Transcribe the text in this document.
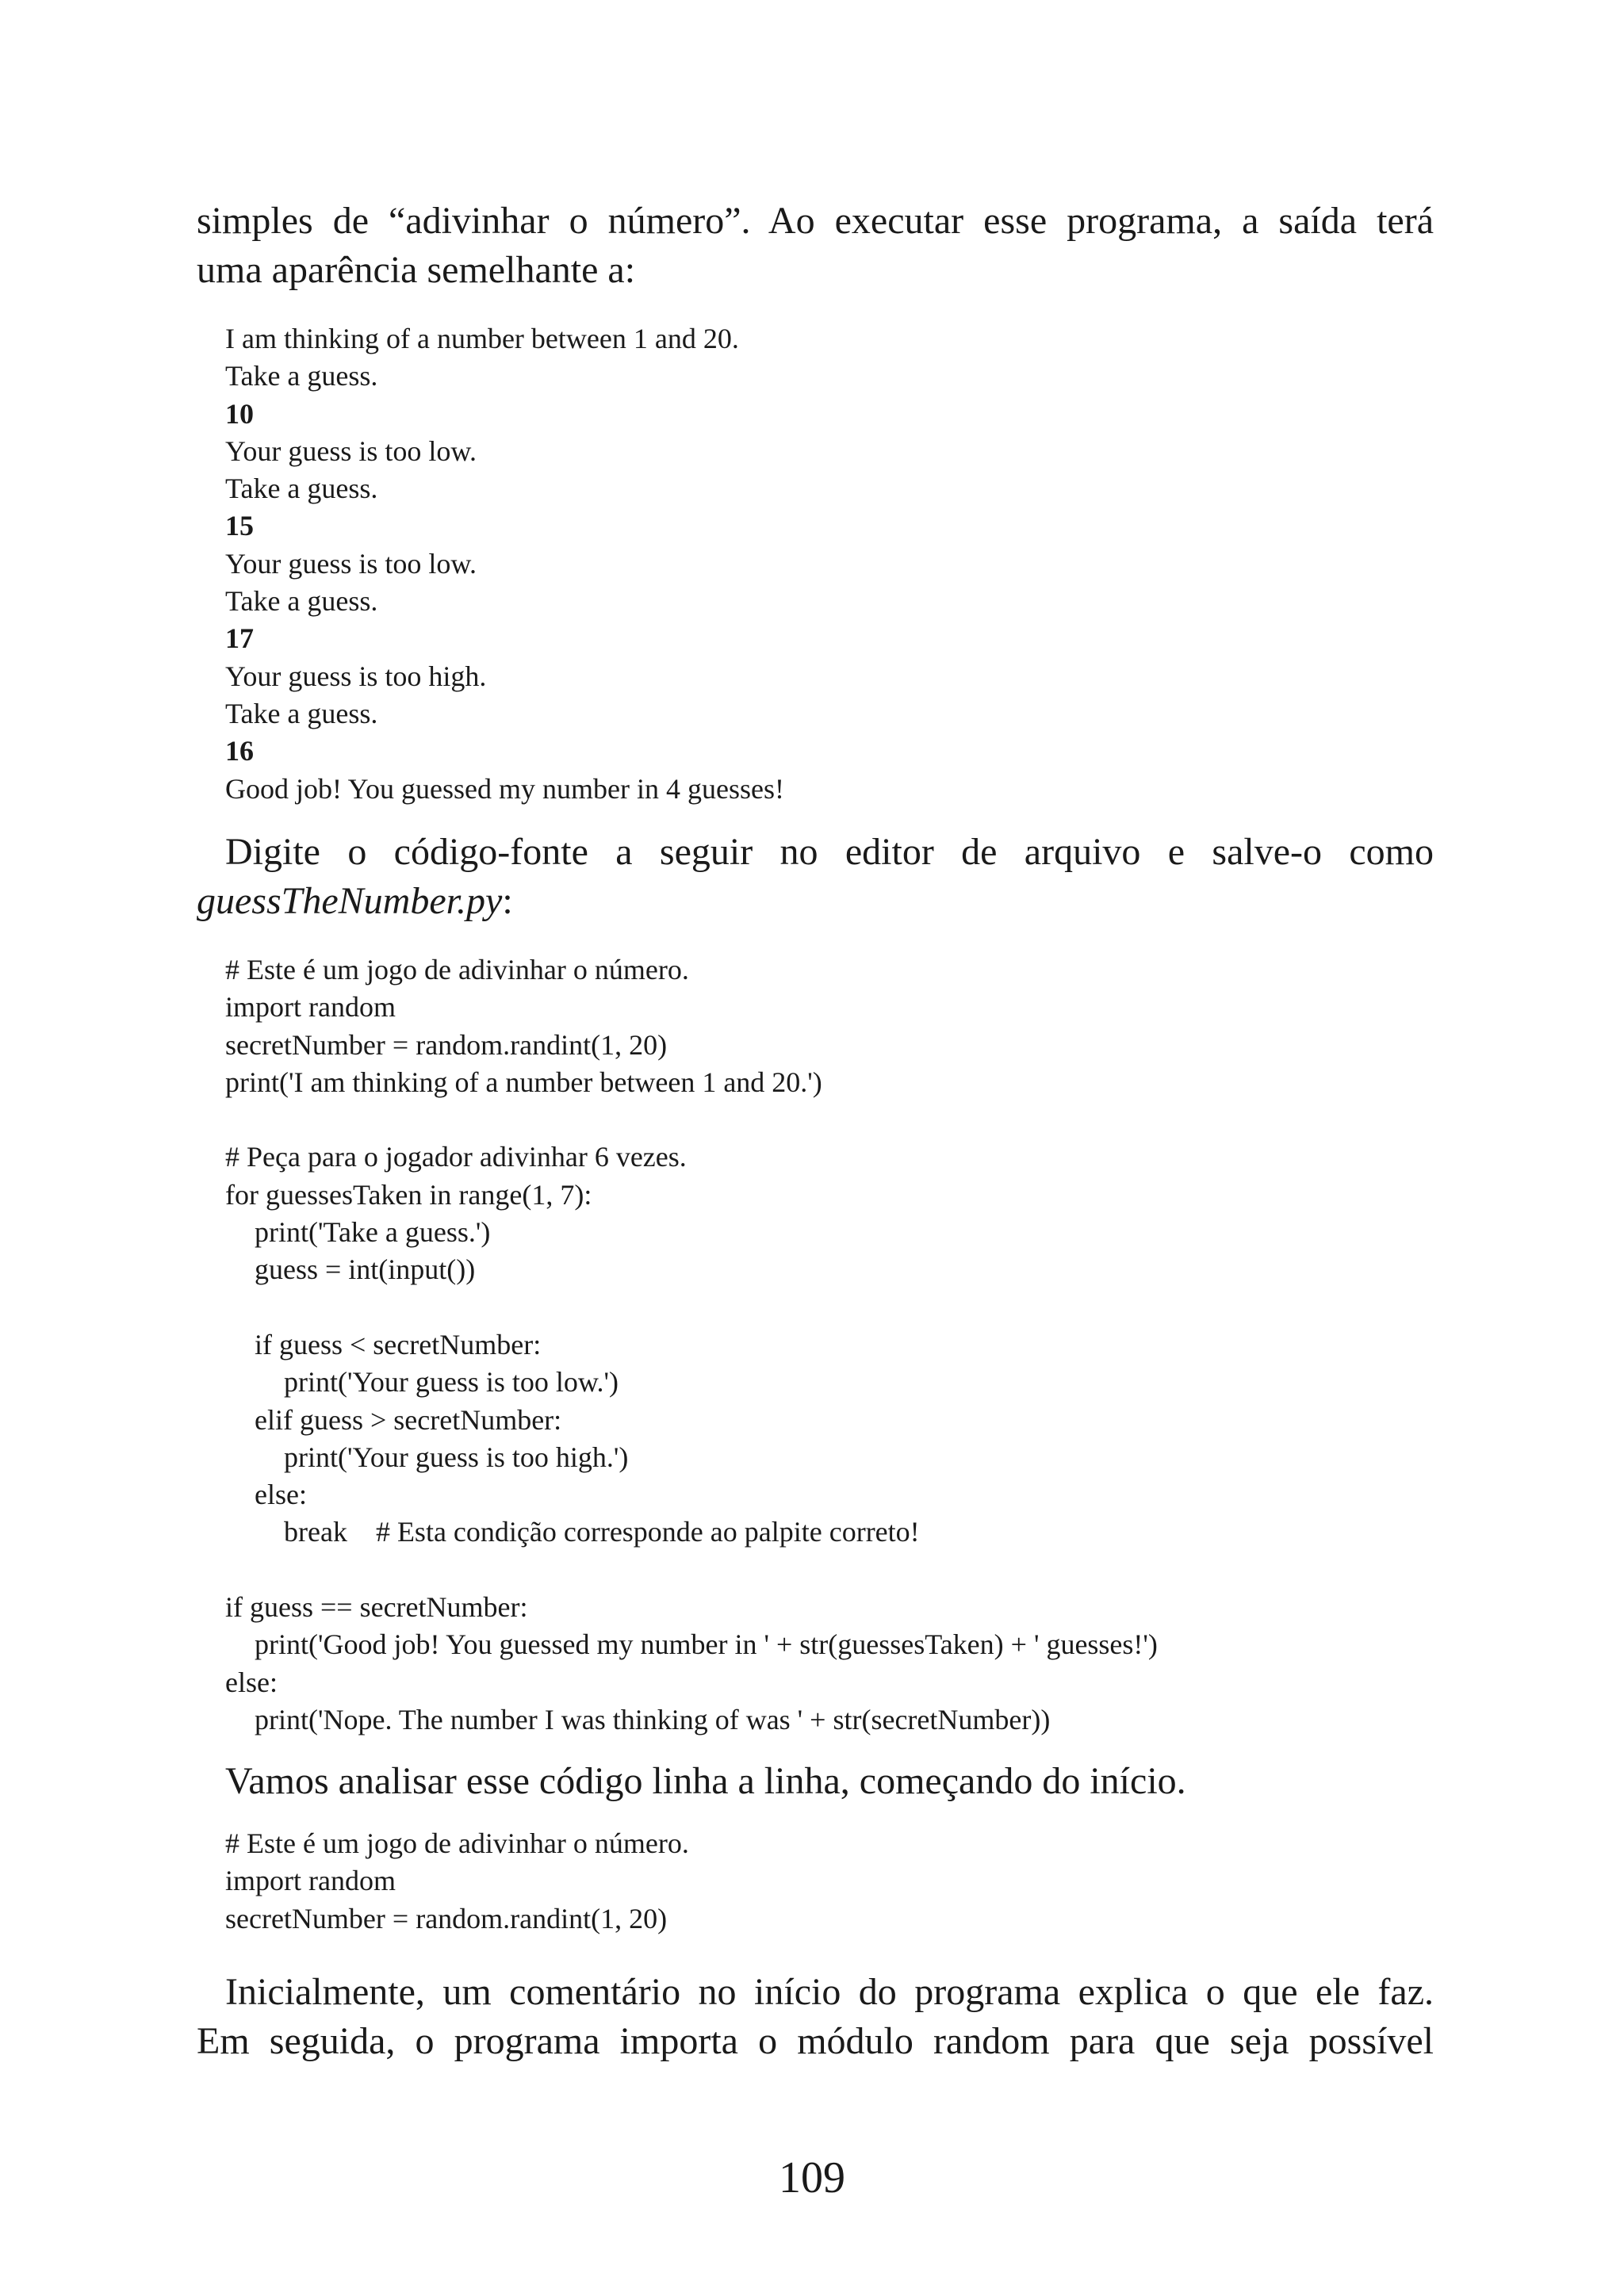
simples de “adivinhar o número”. Ao executar esse programa, a saída terá
uma aparência semelhante a:

I am thinking of a number between 1 and 20.
Take a guess.
10
Your guess is too low.
Take a guess.
15
Your guess is too low.
Take a guess.
17
Your guess is too high.
Take a guess.
16
Good job! You guessed my number in 4 guesses!

Digite o código-fonte a seguir no editor de arquivo e salve-o como
guessTheNumber.py:

# Este é um jogo de adivinhar o número.
import random
secretNumber = random.randint(1, 20)
print('I am thinking of a number between 1 and 20.')
# Peça para o jogador adivinhar 6 vezes.
for guessesTaken in range(1, 7):
print('Take a guess.')
guess = int(input())
if guess < secretNumber:
print('Your guess is too low.')
elif guess > secretNumber:
print('Your guess is too high.')
else:
break    # Esta condição corresponde ao palpite correto!
if guess == secretNumber:
print('Good job! You guessed my number in ' + str(guessesTaken) + ' guesses!')
else:
print('Nope. The number I was thinking of was ' + str(secretNumber))

Vamos analisar esse código linha a linha, começando do início.

# Este é um jogo de adivinhar o número.
import random
secretNumber = random.randint(1, 20)

Inicialmente, um comentário no início do programa explica o que ele faz.
Em seguida, o programa importa o módulo random para que seja possível

109
